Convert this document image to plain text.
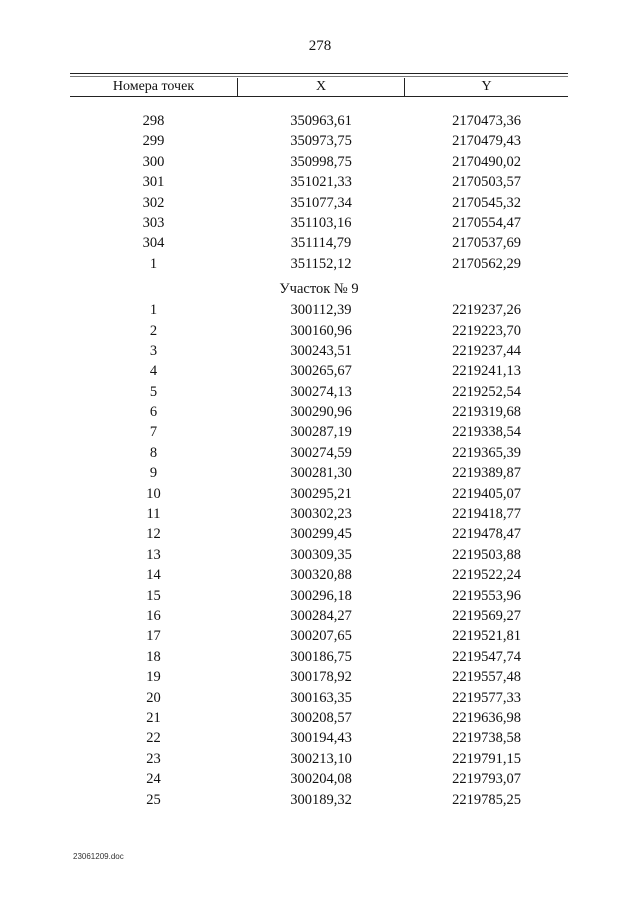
278
Номера точек	X	Y
298	350963,61	2170473,36
299	350973,75	2170479,43
300	350998,75	2170490,02
301	351021,33	2170503,57
302	351077,34	2170545,32
303	351103,16	2170554,47
304	351114,79	2170537,69
1	351152,12	2170562,29
Участок № 9
1	300112,39	2219237,26
2	300160,96	2219223,70
3	300243,51	2219237,44
4	300265,67	2219241,13
5	300274,13	2219252,54
6	300290,96	2219319,68
7	300287,19	2219338,54
8	300274,59	2219365,39
9	300281,30	2219389,87
10	300295,21	2219405,07
11	300302,23	2219418,77
12	300299,45	2219478,47
13	300309,35	2219503,88
14	300320,88	2219522,24
15	300296,18	2219553,96
16	300284,27	2219569,27
17	300207,65	2219521,81
18	300186,75	2219547,74
19	300178,92	2219557,48
20	300163,35	2219577,33
21	300208,57	2219636,98
22	300194,43	2219738,58
23	300213,10	2219791,15
24	300204,08	2219793,07
25	300189,32	2219785,25
23061209.doc
